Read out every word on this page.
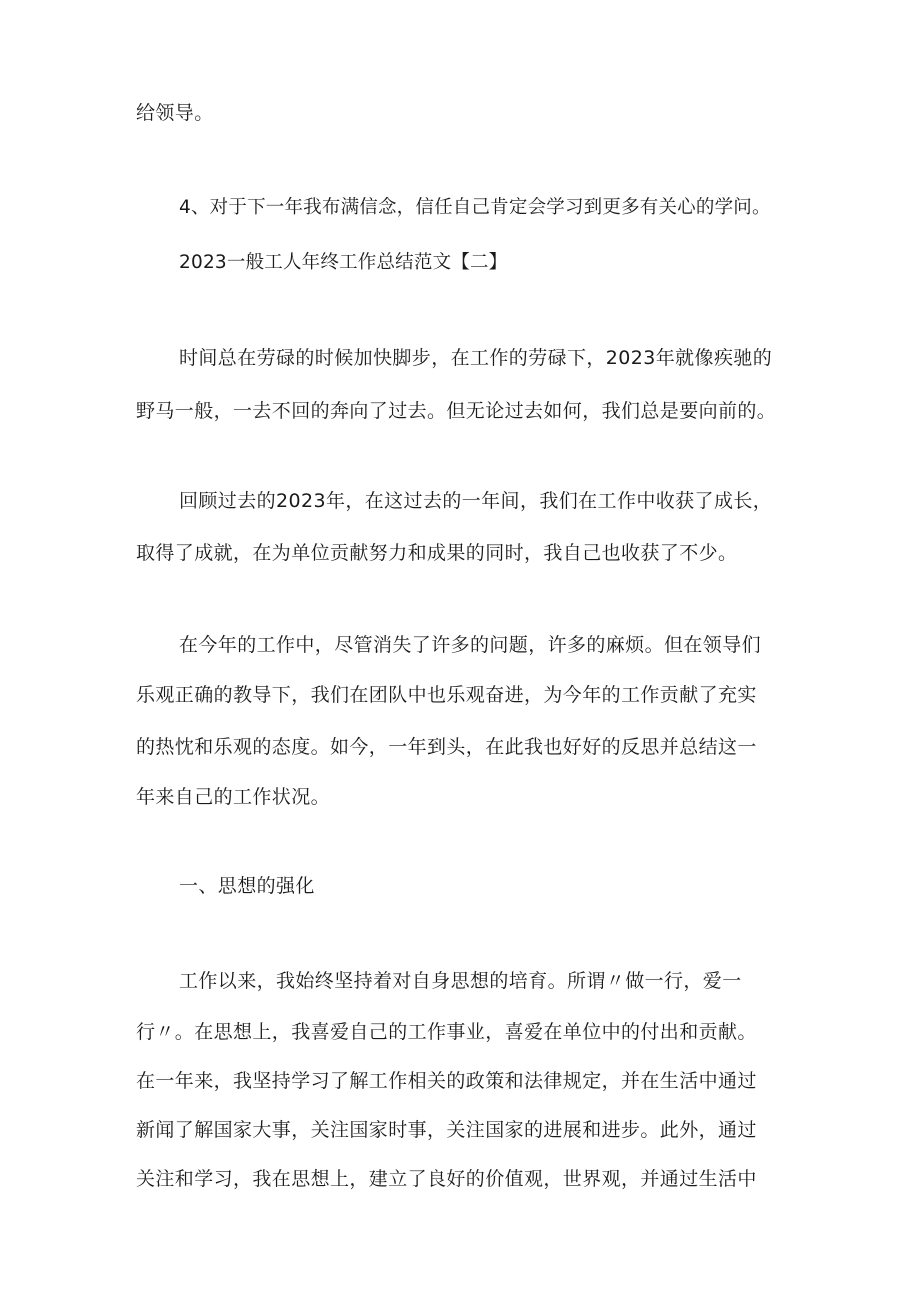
给领导。
4、对于下一年我布满信念，信任自己肯定会学习到更多有关心的学问。
2023一般工人年终工作总结范文【二】
时间总在劳碌的时候加快脚步，在工作的劳碌下，2023年就像疾驰的
野马一般，一去不回的奔向了过去。但无论过去如何，我们总是要向前的。
回顾过去的2023年，在这过去的一年间，我们在工作中收获了成长，
取得了成就，在为单位贡献努力和成果的同时，我自己也收获了不少。
在今年的工作中，尽管消失了许多的问题，许多的麻烦。但在领导们
乐观正确的教导下，我们在团队中也乐观奋进，为今年的工作贡献了充实
的热忱和乐观的态度。如今，一年到头，在此我也好好的反思并总结这一
年来自己的工作状况。
一、思想的强化
工作以来，我始终坚持着对自身思想的培育。所谓〃做一行，爱一
行〃。在思想上，我喜爱自己的工作事业，喜爱在单位中的付出和贡献。
在一年来，我坚持学习了解工作相关的政策和法律规定，并在生活中通过
新闻了解国家大事，关注国家时事，关注国家的进展和进步。此外，通过
关注和学习，我在思想上，建立了良好的价值观，世界观，并通过生活中
